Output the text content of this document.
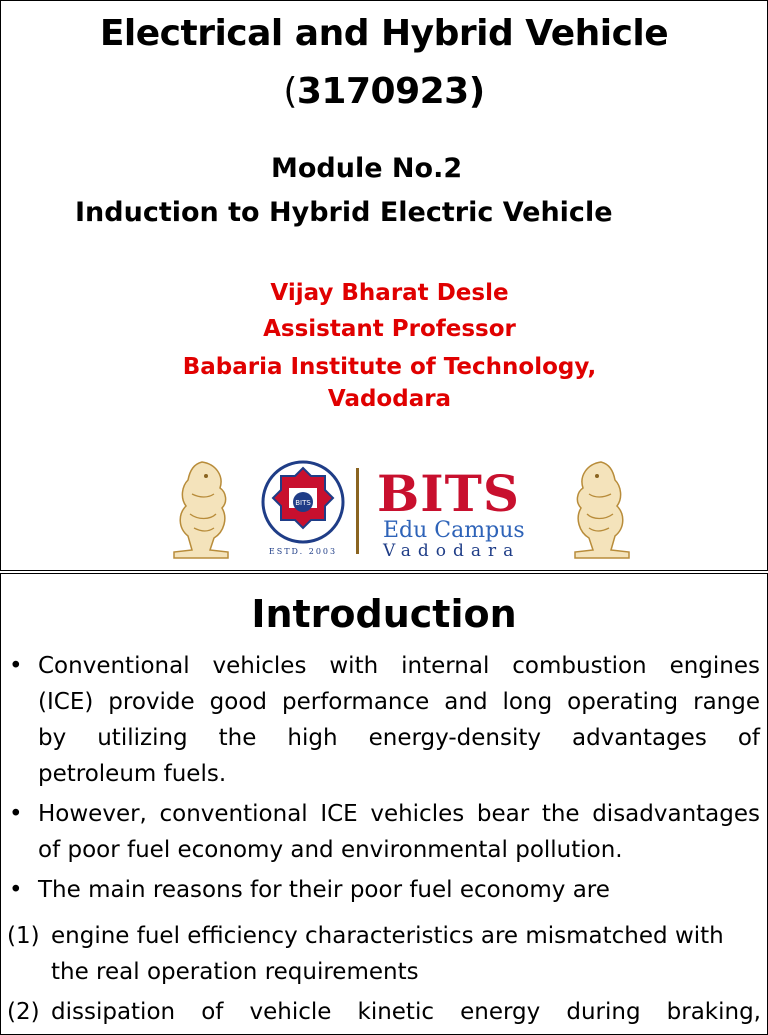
Electrical and Hybrid Vehicle
(3170923)
Module No.2
Induction to Hybrid Electric Vehicle
Vijay Bharat Desle
Assistant Professor
Babaria Institute of Technology,
Vadodara
BITS
ESTD. 2003
BITS
Edu Campus
Vadodara
Introduction
• Conventional vehicles with internal combustion engines
(ICE) provide good performance and long operating range
by utilizing the high energy-density advantages of
petroleum fuels.
• However, conventional ICE vehicles bear the disadvantages
of poor fuel economy and environmental pollution.
• The main reasons for their poor fuel economy are
(1) engine fuel efficiency characteristics are mismatched with
the real operation requirements
(2) dissipation of vehicle kinetic energy during braking,
